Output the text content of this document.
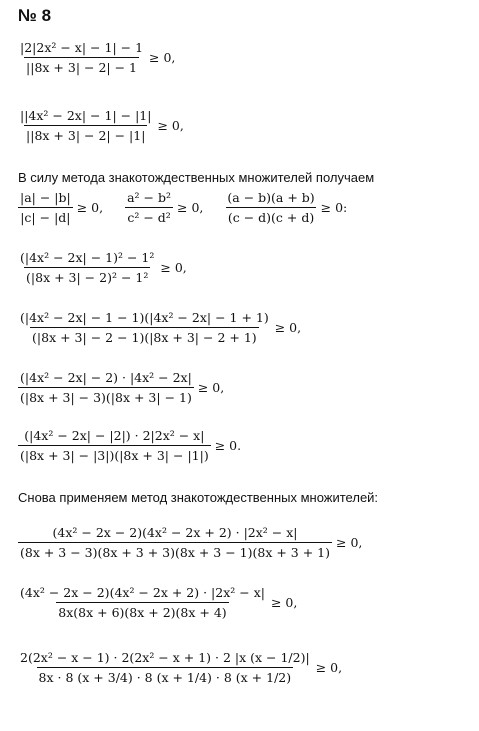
№ 8
$\frac{\text{|2|2x² − x| − 1| − 1}}{||8x + 3| - 2| - 1} \ge 0$,
$\frac{\text{||4x² − 2x| − 1| − |1|}}{||8x + 3| - 2| - |1|} \ge 0$,
В силу метода знакотождественных множителей получаем
$\frac{|a| - |b|}{|c| - |d|} \ge 0$, $\frac{\text{a² − b²}}{\text{c² − d²}} \ge 0$, $\frac{(a - b)(a + b)}{(c - d)(c + d)} \ge 0$:
$\frac{\text{(|4x² − 2x| − 1)² − 1²}}{\text{(|8x + 3| − 2)² − 1²}} \ge 0$,
$\frac{\text{(|4x² − 2x| − 1 − 1)(|4x² − 2x| − 1 + 1)}}{(|8x + 3| - 2 - 1)(|8x + 3| - 2 + 1)} \ge 0$,
$\frac{\text{(|4x² − 2x| − 2) · |4x² − 2x|}}{(|8x + 3| - 3)(|8x + 3| - 1)} \ge 0$,
$\frac{\text{(|4x² − 2x| − |2|) · 2|2x² − x|}}{(|8x + 3| - |3|)(|8x + 3| - |1|)} \ge 0$.
Снова применяем метод знакотождественных множителей:
$\frac{\text{(4x² − 2x − 2)(4x² − 2x + 2) · |2x² − x|}}{(8x + 3 - 3)(8x + 3 + 3)(8x + 3 - 1)(8x + 3 + 1)} \ge 0$,
$\frac{\text{(4x² − 2x − 2)(4x² − 2x + 2) · |2x² − x|}}{8x(8x + 6)(8x + 2)(8x + 4)} \ge 0$,
$\frac{\text{2(2x² − x − 1) · 2(2x² − x + 1) · 2 |x (x − 1/2)|}}{8x \cdot 8 (x + 3/4) \cdot 8 (x + 1/4) \cdot 8 (x + 1/2)} \ge 0$,
